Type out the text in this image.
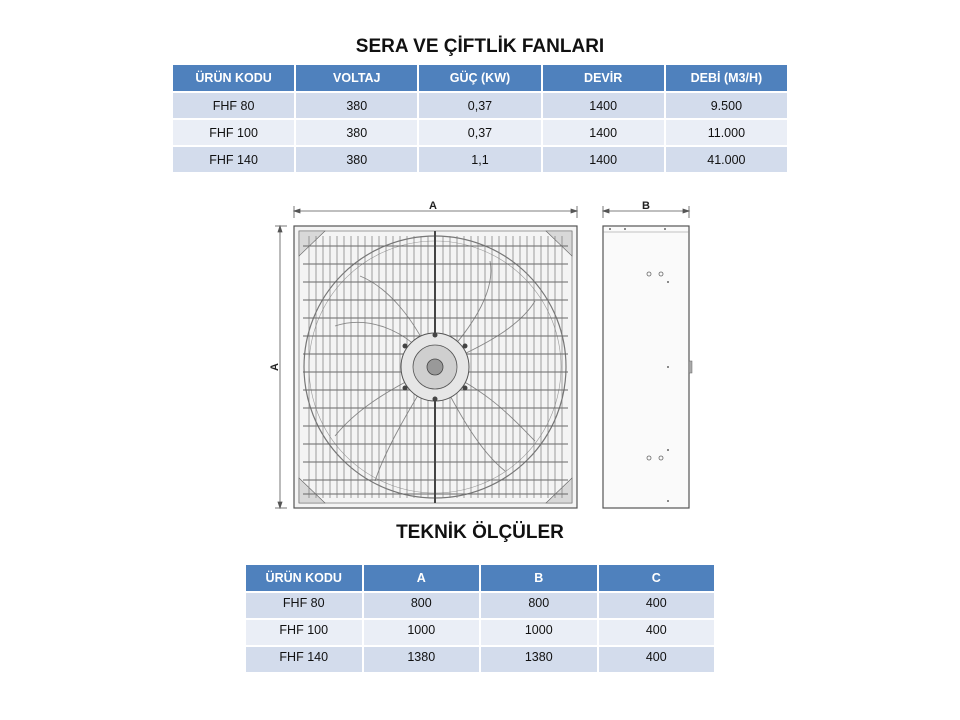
SERA VE ÇİFTLİK FANLARI
ÜRÜN KODU	VOLTAJ	GÜÇ (KW)	DEVİR	DEBİ (M3/H)
FHF 80	380	0,37	1400	9.500
FHF 100	380	0,37	1400	11.000
FHF 140	380	1,1	1400	41.000
A
A
B
TEKNİK ÖLÇÜLER
ÜRÜN KODU	A	B	C
FHF 80	800	800	400
FHF 100	1000	1000	400
FHF 140	1380	1380	400
